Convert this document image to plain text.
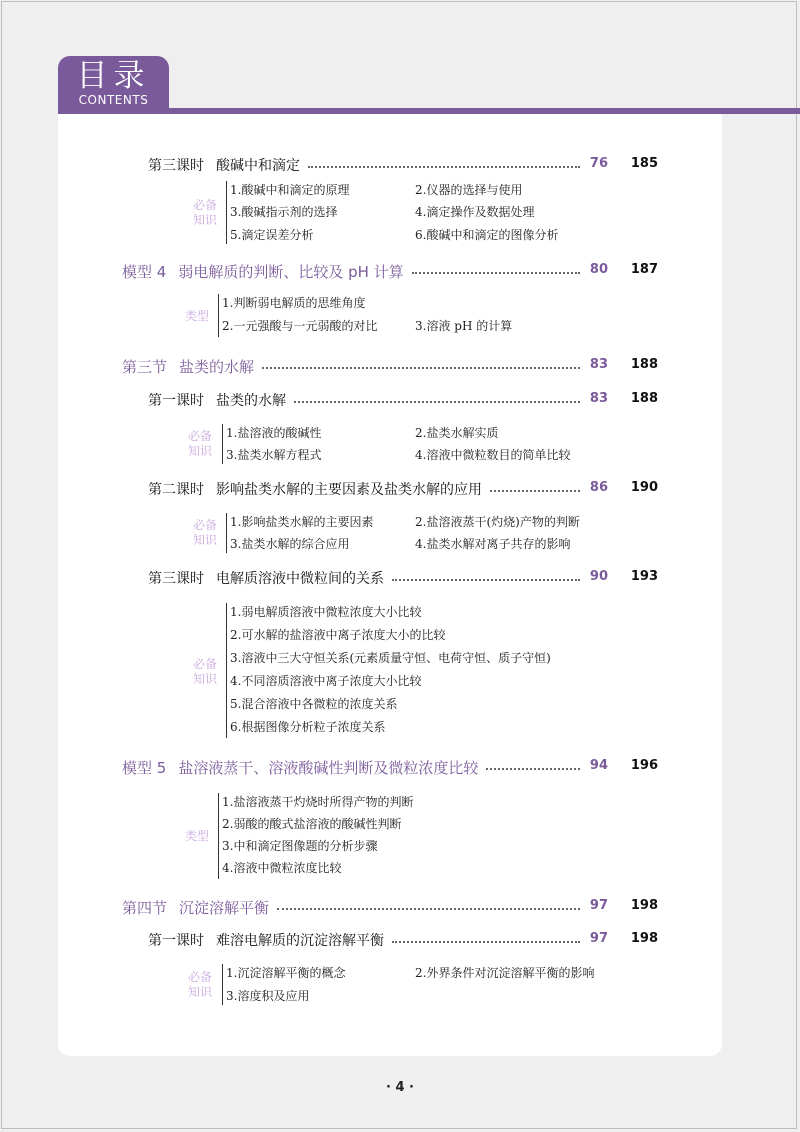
目录
CONTENTS
第三课时 酸碱中和滴定	76	185
必备
知识
1.酸碱中和滴定的原理	2.仪器的选择与使用
3.酸碱指示剂的选择	4.滴定操作及数据处理
5.滴定误差分析	6.酸碱中和滴定的图像分析
模型 4 弱电解质的判断、比较及 pH 计算	80	187
类型
1.判断弱电解质的思维角度
2.一元强酸与一元弱酸的对比	3.溶液 pH 的计算
第三节 盐类的水解	83	188
第一课时 盐类的水解	83	188
必备
知识
1.盐溶液的酸碱性	2.盐类水解实质
3.盐类水解方程式	4.溶液中微粒数目的简单比较
第二课时 影响盐类水解的主要因素及盐类水解的应用	86	190
必备
知识
1.影响盐类水解的主要因素	2.盐溶液蒸干(灼烧)产物的判断
3.盐类水解的综合应用	4.盐类水解对离子共存的影响
第三课时 电解质溶液中微粒间的关系	90	193
必备
知识
1.弱电解质溶液中微粒浓度大小比较
2.可水解的盐溶液中离子浓度大小的比较
3.溶液中三大守恒关系(元素质量守恒、电荷守恒、质子守恒)
4.不同溶质溶液中离子浓度大小比较
5.混合溶液中各微粒的浓度关系
6.根据图像分析粒子浓度关系
模型 5 盐溶液蒸干、溶液酸碱性判断及微粒浓度比较	94	196
类型
1.盐溶液蒸干灼烧时所得产物的判断
2.弱酸的酸式盐溶液的酸碱性判断
3.中和滴定图像题的分析步骤
4.溶液中微粒浓度比较
第四节 沉淀溶解平衡	97	198
第一课时 难溶电解质的沉淀溶解平衡	97	198
必备
知识
1.沉淀溶解平衡的概念	2.外界条件对沉淀溶解平衡的影响
3.溶度积及应用
· 4 ·
